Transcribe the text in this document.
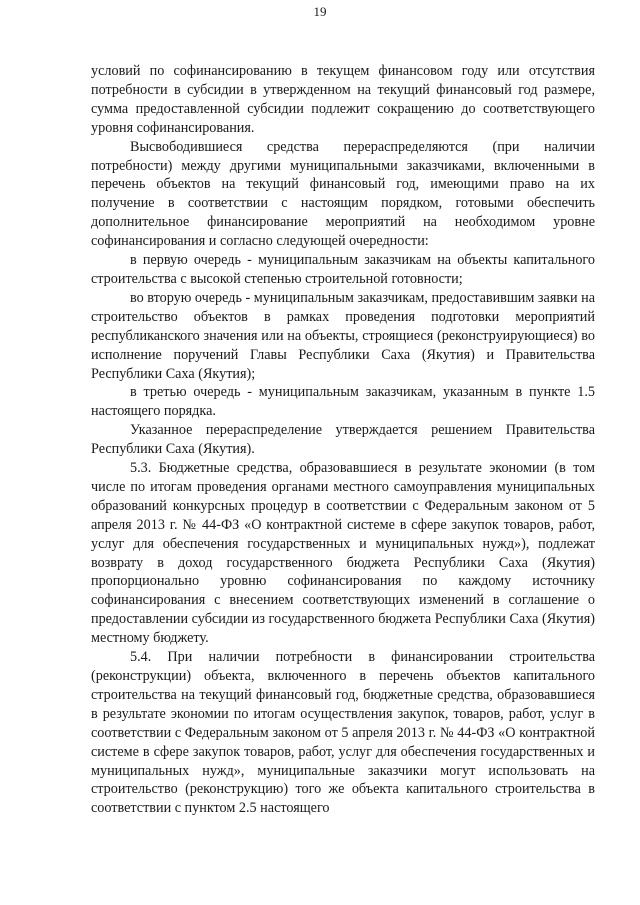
19

условий по софинансированию в текущем финансовом году или отсутствия потребности в субсидии в утвержденном на текущий финансовый год размере, сумма предоставленной субсидии подлежит сокращению до соответствующего уровня софинансирования.

Высвободившиеся средства перераспределяются (при наличии потребности) между другими муниципальными заказчиками, включенными в перечень объектов на текущий финансовый год, имеющими право на их получение в соответствии с настоящим порядком, готовыми обеспечить дополнительное финансирование мероприятий на необходимом уровне софинансирования и согласно следующей очередности:

в первую очередь - муниципальным заказчикам на объекты капитального строительства с высокой степенью строительной готовности;

во вторую очередь - муниципальным заказчикам, предоставившим заявки на строительство объектов в рамках проведения подготовки мероприятий республиканского значения или на объекты, строящиеся (реконструирующиеся) во исполнение поручений Главы Республики Саха (Якутия) и Правительства Республики Саха (Якутия);

в третью очередь - муниципальным заказчикам, указанным в пункте 1.5 настоящего порядка.

Указанное перераспределение утверждается решением Правительства Республики Саха (Якутия).

5.3. Бюджетные средства, образовавшиеся в результате экономии (в том числе по итогам проведения органами местного самоуправления муниципальных образований конкурсных процедур в соответствии с Федеральным законом от 5 апреля 2013 г. № 44-ФЗ «О контрактной системе в сфере закупок товаров, работ, услуг для обеспечения государственных и муниципальных нужд»), подлежат возврату в доход государственного бюджета Республики Саха (Якутия) пропорционально уровню софинансирования по каждому источнику софинансирования с внесением соответствующих изменений в соглашение о предоставлении субсидии из государственного бюджета Республики Саха (Якутия) местному бюджету.

5.4. При наличии потребности в финансировании строительства (реконструкции) объекта, включенного в перечень объектов капитального строительства на текущий финансовый год, бюджетные средства, образовавшиеся в результате экономии по итогам осуществления закупок, товаров, работ, услуг в соответствии с Федеральным законом от 5 апреля 2013 г. № 44-ФЗ «О контрактной системе в сфере закупок товаров, работ, услуг для обеспечения государственных и муниципальных нужд», муниципальные заказчики могут использовать на строительство (реконструкцию) того же объекта капитального строительства в соответствии с пунктом 2.5 настоящего
